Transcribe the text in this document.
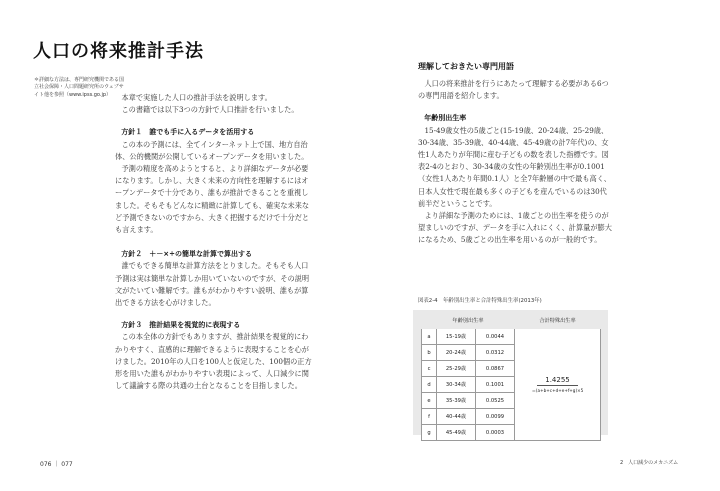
人口の将来推計手法
＊詳細な方法は、専門研究機関である国立社会保障・人口問題研究所のウェブサイト他を参照（www.ipss.go.jp）	本章で実施した人口の推計手法を説明します。

この書籍では以下3つの方針で人口推計を行いました。

方針１　誰でも手に入るデータを活用する

この本の予測には、全てインターネット上で国、地方自治体、公的機関が公開しているオープンデータを用いました。

予測の精度を高めようとすると、より詳細なデータが必要になります。しかし、大きく未来の方向性を理解するにはオープンデータで十分であり、誰もが推計できることを重視しました。そもそもどんなに精緻に計算しても、確実な未来など予測できないのですから、大きく把握するだけで十分だとも言えます。

方針２　＋－×÷の簡単な計算で算出する

誰でもできる簡単な計算方法をとりました。そもそも人口予測は実は簡単な計算しか用いていないのですが、その説明文がたいてい難解です。誰もがわかりやすい説明、誰もが算出できる方法を心がけました。

方針３　推計結果を視覚的に表現する

この本全体の方針でもありますが、推計結果を視覚的にわかりやすく、直感的に理解できるように表現することを心がけました。2010年の人口を100人と仮定した、100個の正方形を用いた誰もがわかりやすい表現によって、人口減少に関して議論する際の共通の土台となることを目指しました。

076 ｜ 077
理解しておきたい専門用語

人口の将来推計を行うにあたって理解する必要がある6つの専門用語を紹介します。

年齢別出生率

15-49歳女性の5歳ごと(15-19歳、20-24歳、25-29歳、30-34歳、35-39歳、40-44歳、45-49歳の計7年代)の、女性1人あたりが年間に産む子どもの数を表した指標です。図表2-4のとおり、30-34歳の女性の年齢別出生率が0.1001（女性1人あたり年間0.1人）と全7年齢層の中で最も高く、日本人女性で現在最も多くの子どもを産んでいるのは30代前半だということです。

より詳細な予測のためには、1歳ごとの出生率を使うのが望ましいのですが、データを手に入れにくく、計算量が膨大になるため、5歳ごとの出生率を用いるのが一般的です。

図表2-4　年齢別出生率と合計特殊出生率(2013年)
年齢別出生率			合計特殊出生率
a	15-19歳	0.0044	1.4255
＝(a+b+c+d+e+f+g)×5

b	20-24歳	0.0312	
c	25-29歳	0.0867	
d	30-34歳	0.1001	
e	35-39歳	0.0525	
f	40-44歳	0.0099	
g	45-49歳	0.0003	
2　人口減少のメカニズム
